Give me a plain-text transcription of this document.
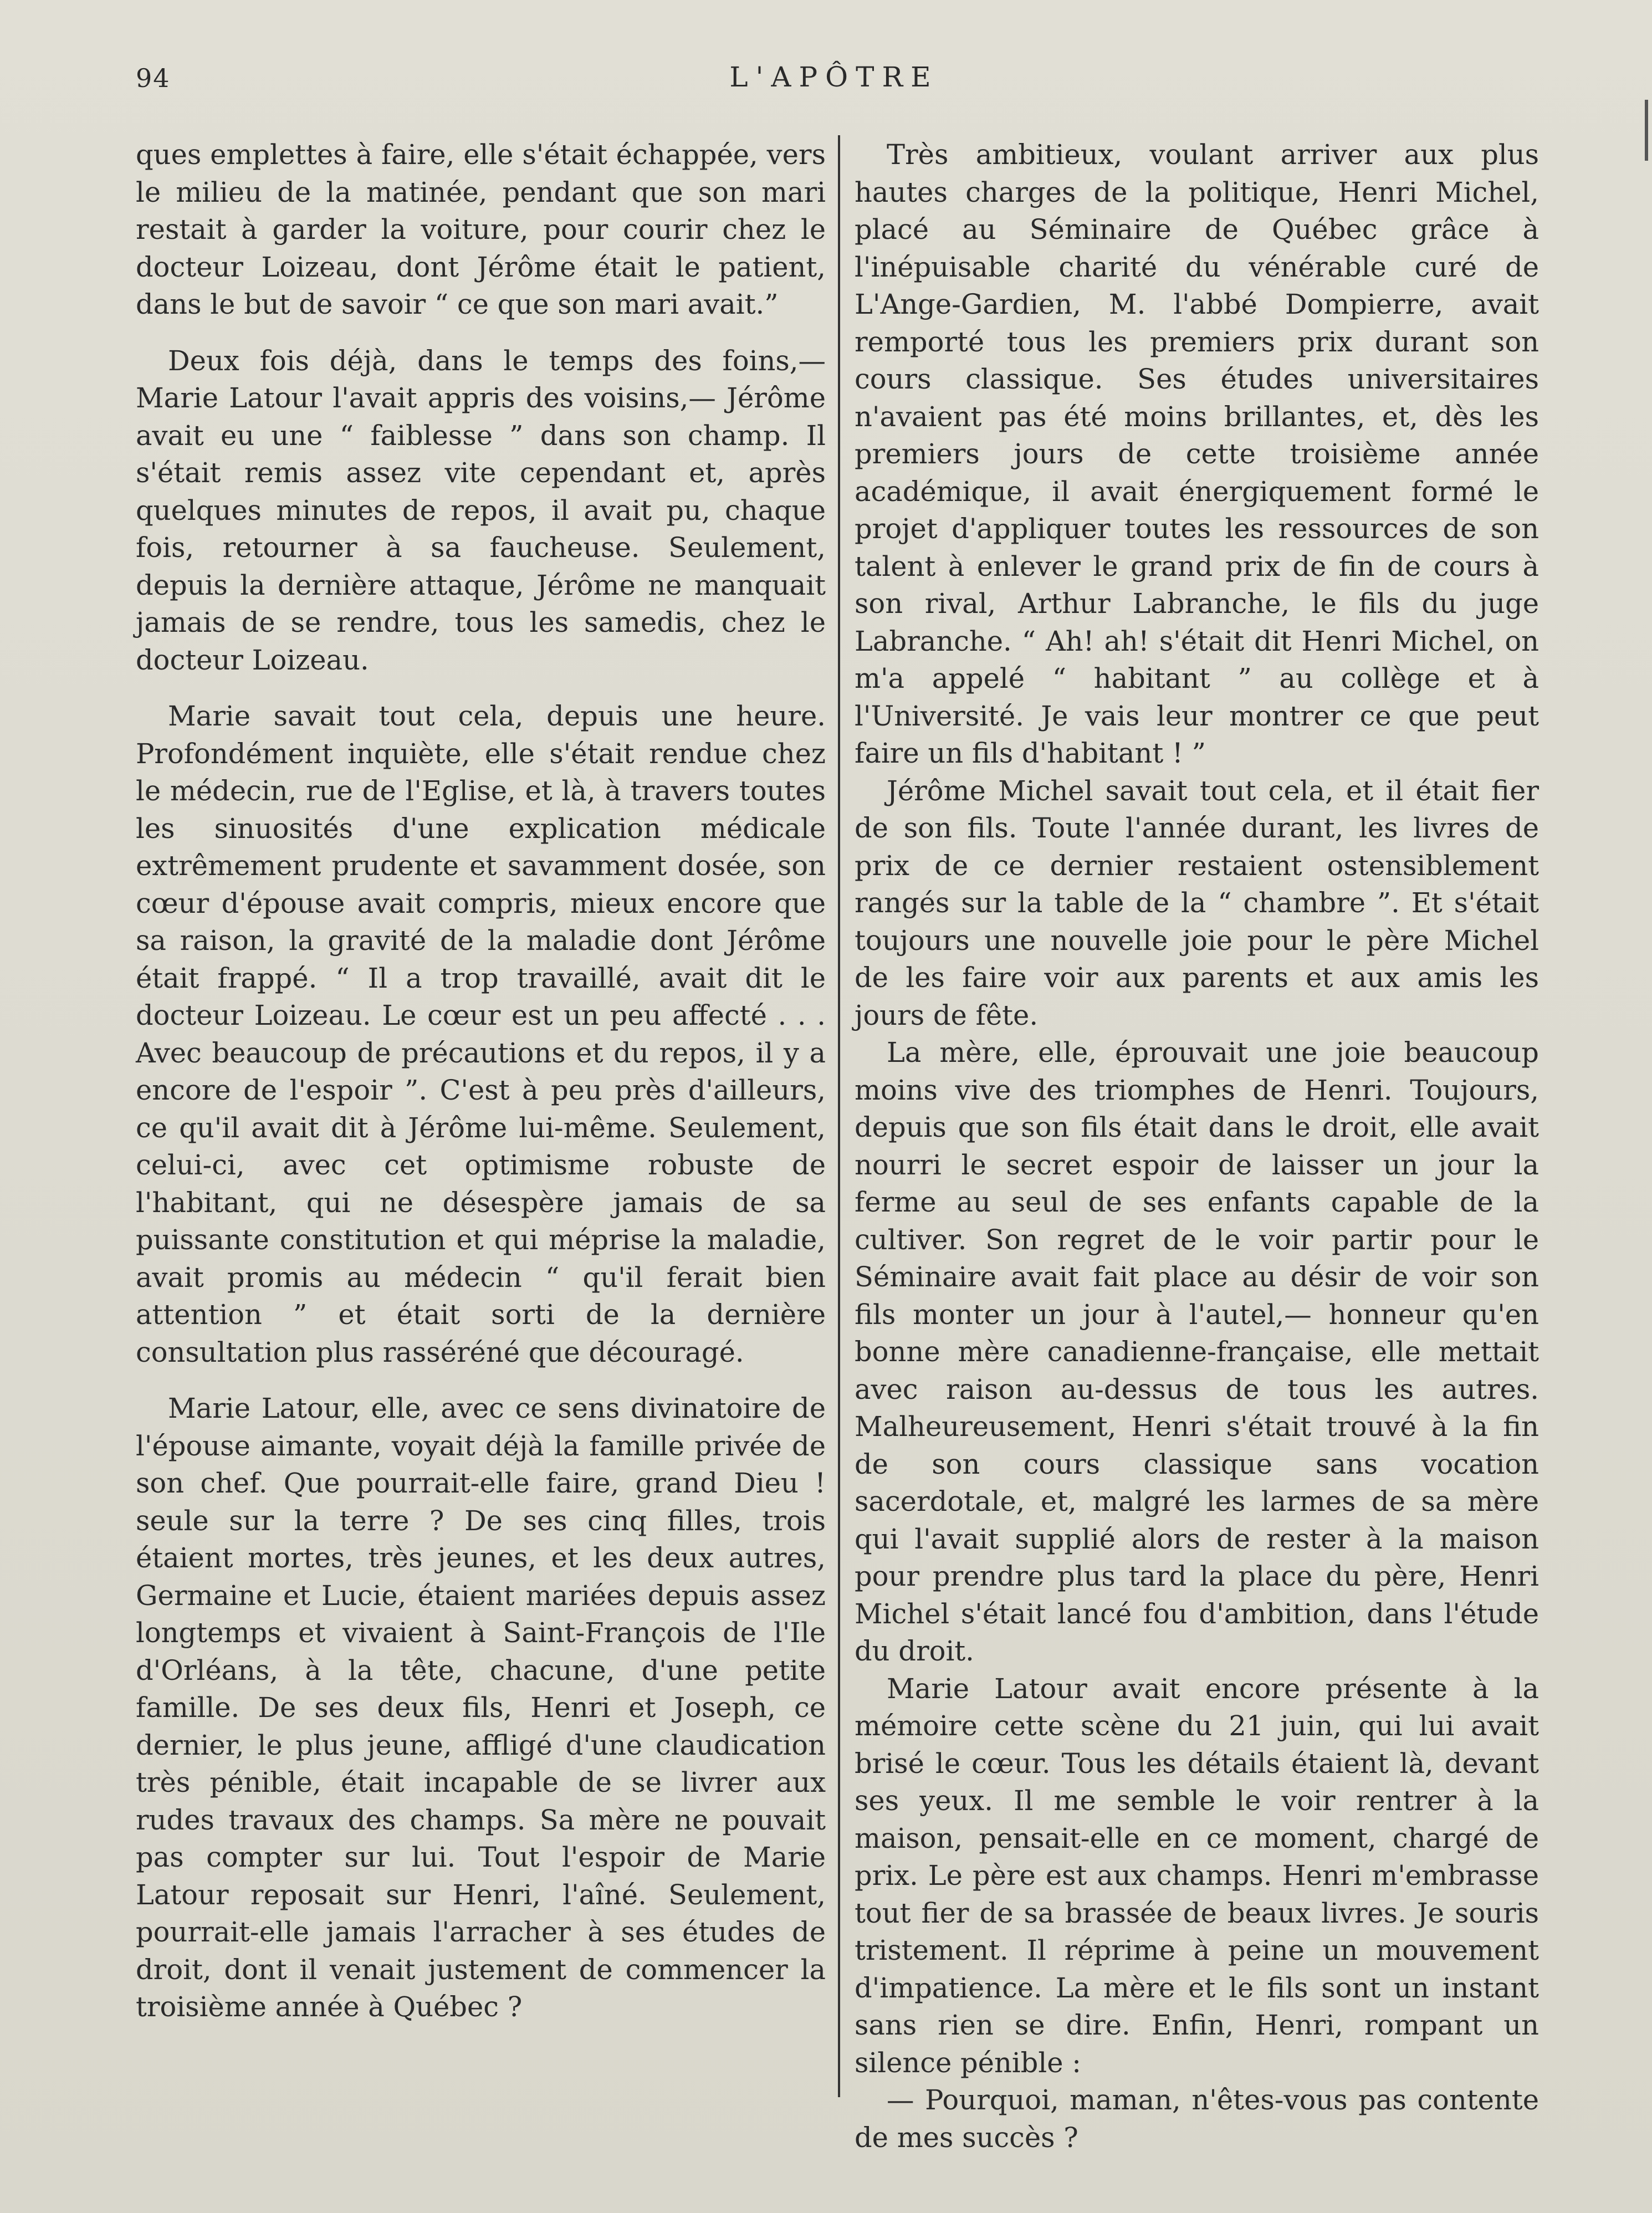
94	L'APÔTRE

ques emplettes à faire, elle s'était échappée, vers le milieu de la matinée, pendant que son mari restait à garder la voiture, pour courir chez le docteur Loizeau, dont Jérôme était le patient, dans le but de savoir “ ce que son mari avait.”

Deux fois déjà, dans le temps des foins,— Marie Latour l'avait appris des voisins,— Jérôme avait eu une “ faiblesse ” dans son champ. Il s'était remis assez vite cependant et, après quelques minutes de repos, il avait pu, chaque fois, retourner à sa faucheuse. Seulement, depuis la dernière attaque, Jérôme ne manquait jamais de se rendre, tous les samedis, chez le docteur Loizeau.

Marie savait tout cela, depuis une heure. Profondément inquiète, elle s'était rendue chez le médecin, rue de l'Eglise, et là, à travers toutes les sinuosités d'une explication médicale extrêmement prudente et savamment dosée, son cœur d'épouse avait compris, mieux encore que sa raison, la gravité de la maladie dont Jérôme était frappé. “ Il a trop travaillé, avait dit le docteur Loizeau. Le cœur est un peu affecté . . . Avec beaucoup de précautions et du repos, il y a encore de l'espoir ”. C'est à peu près d'ailleurs, ce qu'il avait dit à Jérôme lui-même. Seulement, celui-ci, avec cet optimisme robuste de l'habitant, qui ne désespère jamais de sa puissante constitution et qui méprise la maladie, avait promis au médecin “ qu'il ferait bien attention ” et était sorti de la dernière consultation plus rasséréné que découragé.

Marie Latour, elle, avec ce sens divinatoire de l'épouse aimante, voyait déjà la famille privée de son chef. Que pourrait-elle faire, grand Dieu ! seule sur la terre ? De ses cinq filles, trois étaient mortes, très jeunes, et les deux autres, Germaine et Lucie, étaient mariées depuis assez longtemps et vivaient à Saint-François de l'Ile d'Orléans, à la tête, chacune, d'une petite famille. De ses deux fils, Henri et Joseph, ce dernier, le plus jeune, affligé d'une claudication très pénible, était incapable de se livrer aux rudes travaux des champs. Sa mère ne pouvait pas compter sur lui. Tout l'espoir de Marie Latour reposait sur Henri, l'aîné. Seulement, pourrait-elle jamais l'arracher à ses études de droit, dont il venait justement de commencer la troisième année à Québec ?

Très ambitieux, voulant arriver aux plus hautes charges de la politique, Henri Michel, placé au Séminaire de Québec grâce à l'inépuisable charité du vénérable curé de L'Ange-Gardien, M. l'abbé Dompierre, avait remporté tous les premiers prix durant son cours classique. Ses études universitaires n'avaient pas été moins brillantes, et, dès les premiers jours de cette troisième année académique, il avait énergiquement formé le projet d'appliquer toutes les ressources de son talent à enlever le grand prix de fin de cours à son rival, Arthur Labranche, le fils du juge Labranche. “ Ah! ah! s'était dit Henri Michel, on m'a appelé “ habitant ” au collège et à l'Université. Je vais leur montrer ce que peut faire un fils d'habitant ! ”

Jérôme Michel savait tout cela, et il était fier de son fils. Toute l'année durant, les livres de prix de ce dernier restaient ostensiblement rangés sur la table de la “ chambre ”. Et s'était toujours une nouvelle joie pour le père Michel de les faire voir aux parents et aux amis les jours de fête.

La mère, elle, éprouvait une joie beaucoup moins vive des triomphes de Henri. Toujours, depuis que son fils était dans le droit, elle avait nourri le secret espoir de laisser un jour la ferme au seul de ses enfants capable de la cultiver. Son regret de le voir partir pour le Séminaire avait fait place au désir de voir son fils monter un jour à l'autel,— honneur qu'en bonne mère canadienne-française, elle mettait avec raison au-dessus de tous les autres. Malheureusement, Henri s'était trouvé à la fin de son cours classique sans vocation sacerdotale, et, malgré les larmes de sa mère qui l'avait supplié alors de rester à la maison pour prendre plus tard la place du père, Henri Michel s'était lancé fou d'ambition, dans l'étude du droit.

Marie Latour avait encore présente à la mémoire cette scène du 21 juin, qui lui avait brisé le cœur. Tous les détails étaient là, devant ses yeux. Il me semble le voir rentrer à la maison, pensait-elle en ce moment, chargé de prix. Le père est aux champs. Henri m'embrasse tout fier de sa brassée de beaux livres. Je souris tristement. Il réprime à peine un mouvement d'impatience. La mère et le fils sont un instant sans rien se dire. Enfin, Henri, rompant un silence pénible :

— Pourquoi, maman, n'êtes-vous pas contente de mes succès ?
